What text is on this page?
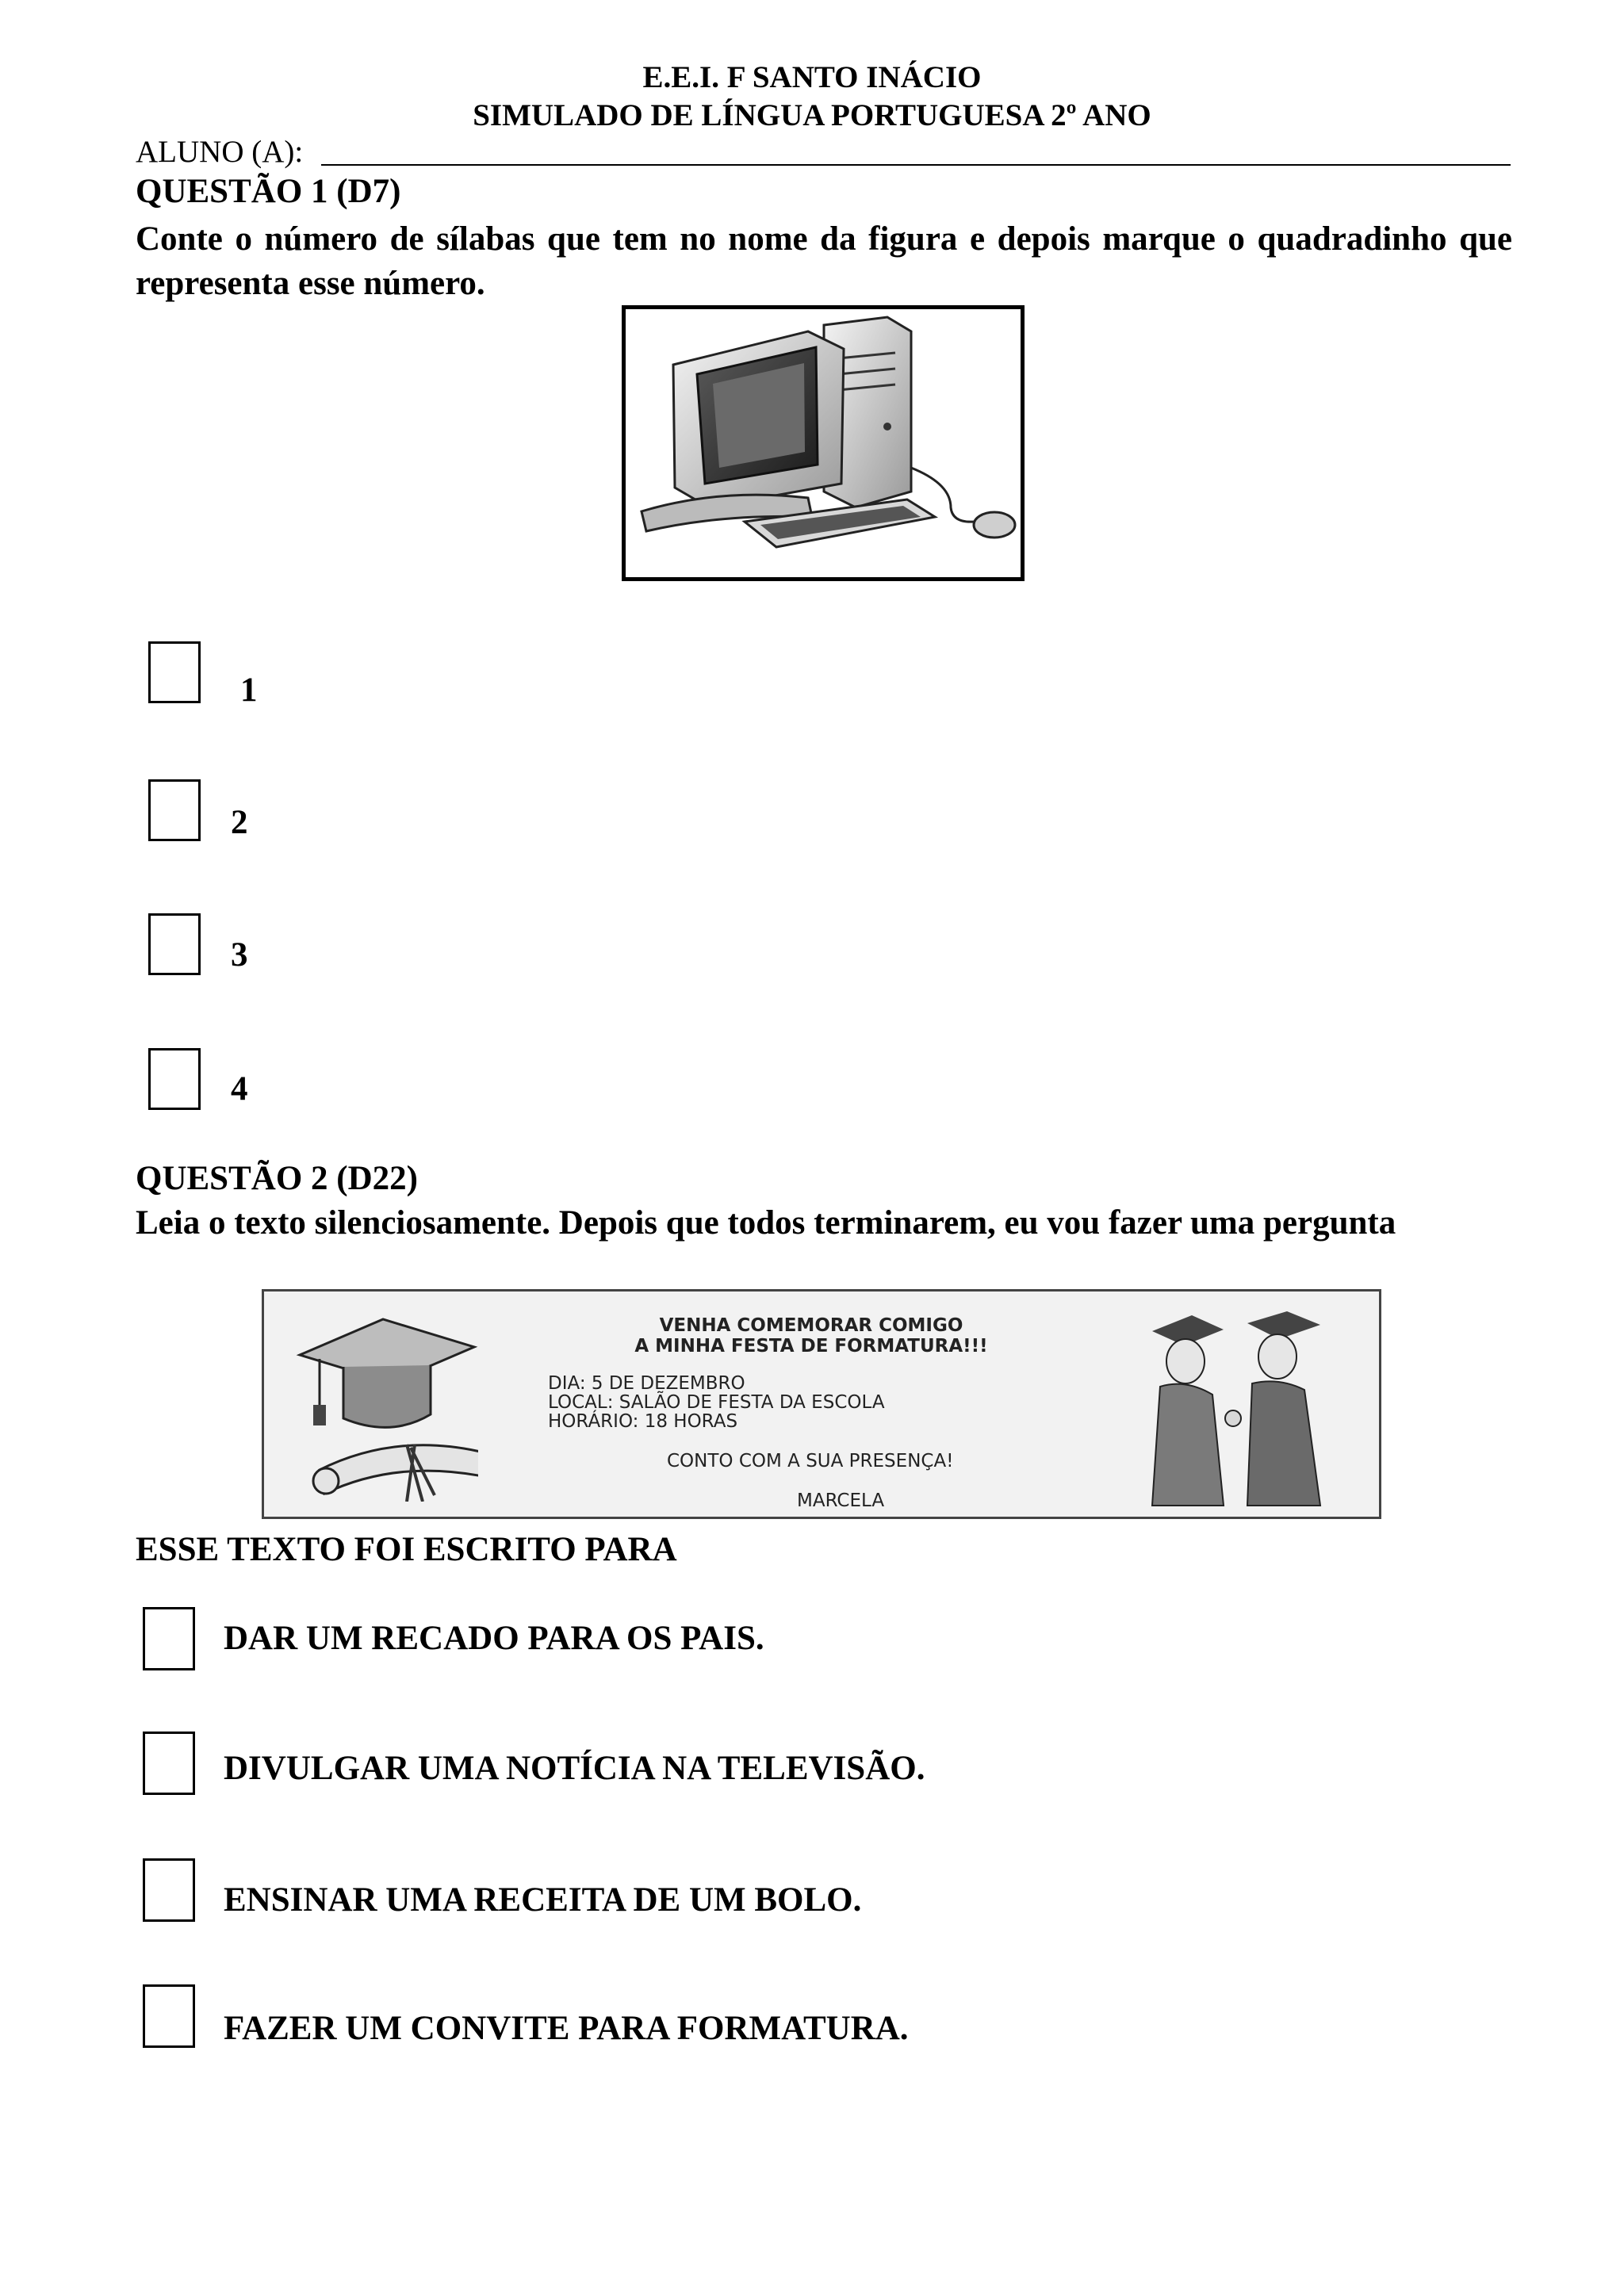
E.E.I. F SANTO INÁCIO
SIMULADO DE LÍNGUA PORTUGUESA 2º ANO
ALUNO (A):
QUESTÃO 1 (D7)
Conte o número de sílabas que tem no nome da figura e depois marque o quadradinho que representa esse número.
1
2
3
4
QUESTÃO 2 (D22)
Leia o texto silenciosamente. Depois que todos terminarem, eu vou fazer uma pergunta
VENHA COMEMORAR COMIGO
A MINHA FESTA DE FORMATURA!!!
DIA: 5 DE DEZEMBRO
LOCAL: SALÃO DE FESTA DA ESCOLA
HORÁRIO: 18 HORAS
CONTO COM A SUA PRESENÇA!
MARCELA
ESSE TEXTO FOI ESCRITO PARA
DAR UM RECADO PARA OS PAIS.
DIVULGAR UMA NOTÍCIA NA TELEVISÃO.
ENSINAR UMA RECEITA DE UM BOLO.
FAZER UM CONVITE PARA FORMATURA.
